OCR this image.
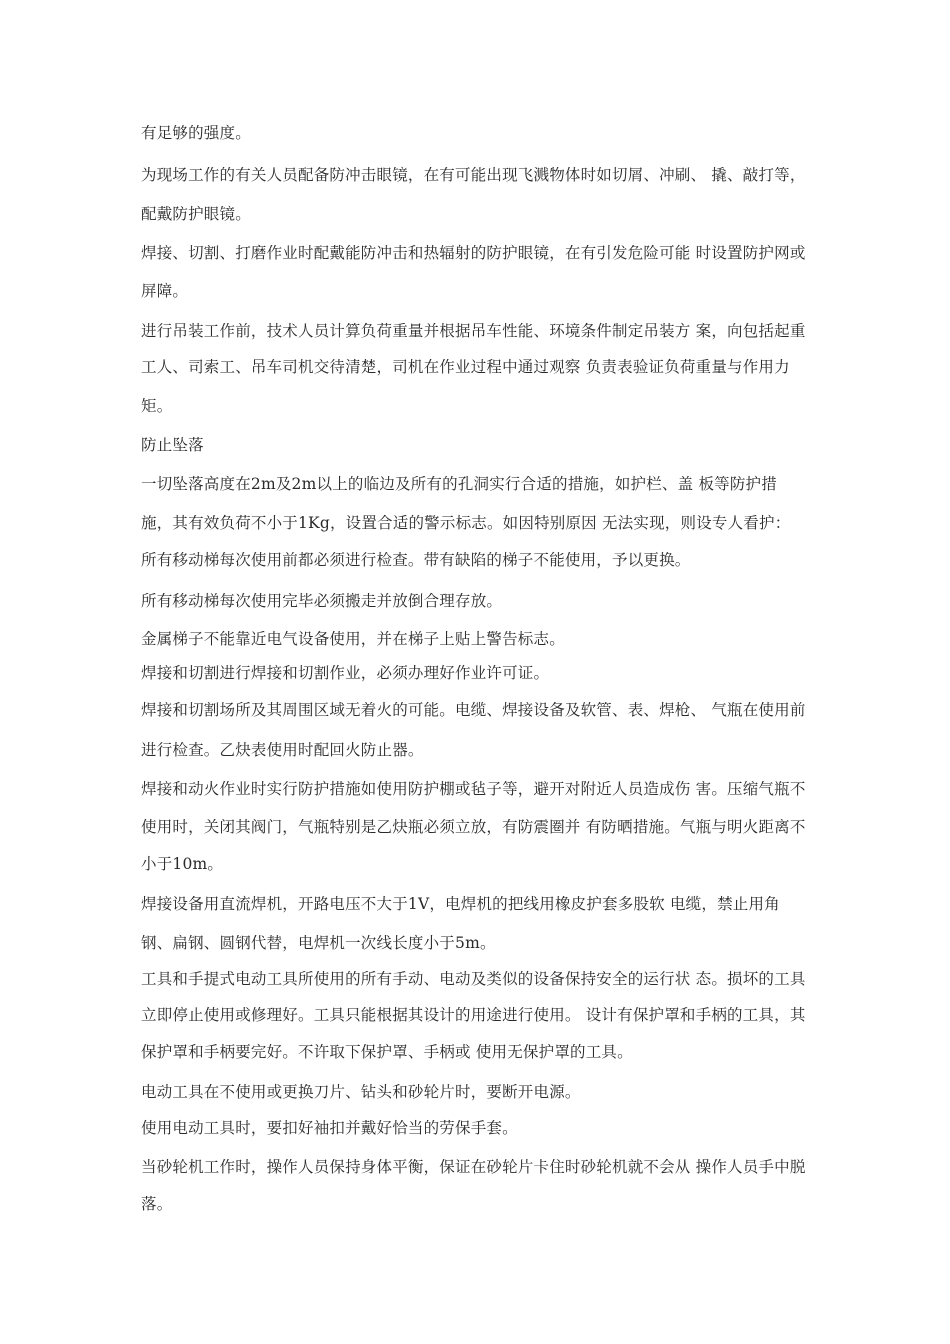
有足够的强度。
为现场工作的有关人员配备防冲击眼镜，在有可能出现飞溅物体时如切屑、冲刷、 撬、敲打等，
配戴防护眼镜。
焊接、切割、打磨作业时配戴能防冲击和热辐射的防护眼镜，在有引发危险可能 时设置防护网或
屏障。
进行吊装工作前，技术人员计算负荷重量并根据吊车性能、环境条件制定吊装方 案，向包括起重
工人、司索工、吊车司机交待清楚，司机在作业过程中通过观察 负责表验证负荷重量与作用力
矩。
防止坠落
一切坠落高度在2m及2m以上的临边及所有的孔洞实行合适的措施，如护栏、盖 板等防护措
施，其有效负荷不小于1Kg，设置合适的警示标志。如因特别原因 无法实现，则设专人看护：
所有移动梯每次使用前都必须进行检查。带有缺陷的梯子不能使用，予以更换。
所有移动梯每次使用完毕必须搬走并放倒合理存放。
金属梯子不能靠近电气设备使用，并在梯子上贴上警告标志。
焊接和切割进行焊接和切割作业，必须办理好作业许可证。
焊接和切割场所及其周围区域无着火的可能。电缆、焊接设备及软管、表、焊枪、 气瓶在使用前
进行检查。乙炔表使用时配回火防止器。
焊接和动火作业时实行防护措施如使用防护棚或毡子等，避开对附近人员造成伤 害。压缩气瓶不
使用时，关闭其阀门，气瓶特别是乙炔瓶必须立放，有防震圈并 有防晒措施。气瓶与明火距离不
小于10m。
焊接设备用直流焊机，开路电压不大于1V，电焊机的把线用橡皮护套多股软 电缆，禁止用角
钢、扁钢、圆钢代替，电焊机一次线长度小于5m。
工具和手提式电动工具所使用的所有手动、电动及类似的设备保持安全的运行状 态。损坏的工具
立即停止使用或修理好。工具只能根据其设计的用途进行使用。 设计有保护罩和手柄的工具，其
保护罩和手柄要完好。不许取下保护罩、手柄或 使用无保护罩的工具。
电动工具在不使用或更换刀片、钻头和砂轮片时，要断开电源。
使用电动工具时，要扣好袖扣并戴好恰当的劳保手套。
当砂轮机工作时，操作人员保持身体平衡，保证在砂轮片卡住时砂轮机就不会从 操作人员手中脱
落。
